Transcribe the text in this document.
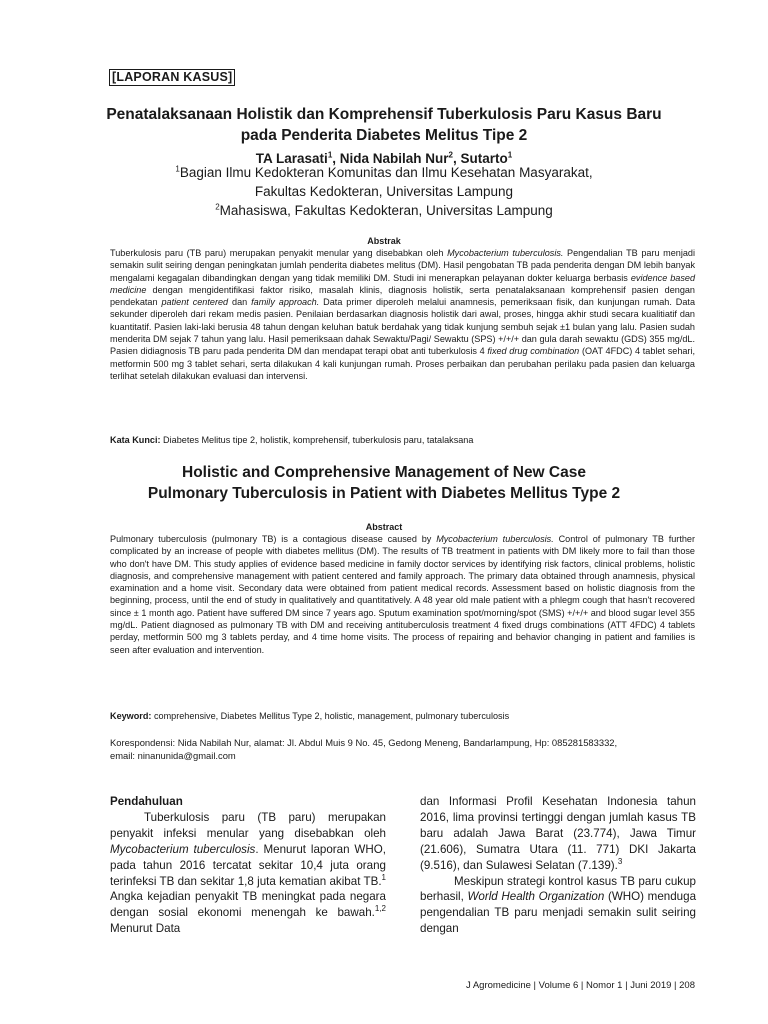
[LAPORAN KASUS]
Penatalaksanaan Holistik dan Komprehensif Tuberkulosis Paru Kasus Baru
pada Penderita Diabetes Melitus Tipe 2
TA Larasati$^1$, Nida Nabilah Nur$^2$, Sutarto$^1$
$^1$Bagian Ilmu Kedokteran Komunitas dan Ilmu Kesehatan Masyarakat,
Fakultas Kedokteran, Universitas Lampung
$^2$Mahasiswa, Fakultas Kedokteran, Universitas Lampung
Abstrak
Tuberkulosis paru (TB paru) merupakan penyakit menular yang disebabkan oleh Mycobacterium tuberculosis. Pengendalian TB paru menjadi semakin sulit seiring dengan peningkatan jumlah penderita diabetes melitus (DM). Hasil pengobatan TB pada penderita dengan DM lebih banyak mengalami kegagalan dibandingkan dengan yang tidak memiliki DM. Studi ini menerapkan pelayanan dokter keluarga berbasis evidence based medicine dengan mengidentifikasi faktor risiko, masalah klinis, diagnosis holistik, serta penatalaksanaan komprehensif pasien dengan pendekatan patient centered dan family approach. Data primer diperoleh melalui anamnesis, pemeriksaan fisik, dan kunjungan rumah. Data sekunder diperoleh dari rekam medis pasien. Penilaian berdasarkan diagnosis holistik dari awal, proses, hingga akhir studi secara kualitiatif dan kuantitatif. Pasien laki-laki berusia 48 tahun dengan keluhan batuk berdahak yang tidak kunjung sembuh sejak ±1 bulan yang lalu. Pasien sudah menderita DM sejak 7 tahun yang lalu. Hasil pemeriksaan dahak Sewaktu/Pagi/ Sewaktu (SPS) +/+/+ dan gula darah sewaktu (GDS) 355 mg/dL. Pasien didiagnosis TB paru pada penderita DM dan mendapat terapi obat anti tuberkulosis 4 fixed drug combination (OAT 4FDC) 4 tablet sehari, metformin 500 mg 3 tablet sehari, serta dilakukan 4 kali kunjungan rumah. Proses perbaikan dan perubahan perilaku pada pasien dan keluarga terlihat setelah dilakukan evaluasi dan intervensi.
Kata Kunci: Diabetes Melitus tipe 2, holistik, komprehensif, tuberkulosis paru, tatalaksana
Holistic and Comprehensive Management of New Case
Pulmonary Tuberculosis in Patient with Diabetes Mellitus Type 2
Abstract
Pulmonary tuberculosis (pulmonary TB) is a contagious disease caused by Mycobacterium tuberculosis. Control of pulmonary TB further complicated by an increase of people with diabetes mellitus (DM). The results of TB treatment in patients with DM likely more to fail than those who don't have DM. This study applies of evidence based medicine in family doctor services by identifying risk factors, clinical problems, holistic diagnosis, and comprehensive management with patient centered and family approach. The primary data obtained through anamnesis, physical examination and a home visit. Secondary data were obtained from patient medical records. Assessment based on holistic diagnosis from the beginning, process, until the end of study in qualitatively and quantitatively. A 48 year old male patient with a phlegm cough that hasn't recovered since ± 1 month ago. Patient have suffered DM since 7 years ago. Sputum examination spot/morning/spot (SMS) +/+/+ and blood sugar level 355 mg/dL. Patient diagnosed as pulmonary TB with DM and receiving antituberculosis treatment 4 fixed drugs combinations (ATT 4FDC) 4 tablets perday, metformin 500 mg 3 tablets perday, and 4 time home visits. The process of repairing and behavior changing in patient and families is seen after evaluation and intervention.
Keyword: comprehensive, Diabetes Mellitus Type 2, holistic, management, pulmonary tuberculosis
Korespondensi: Nida Nabilah Nur, alamat: Jl. Abdul Muis 9 No. 45, Gedong Meneng, Bandarlampung, Hp: 085281583332,
email: ninanunida@gmail.com
Pendahuluan
Tuberkulosis paru (TB paru) merupakan penyakit infeksi menular yang disebabkan oleh Mycobacterium tuberculosis. Menurut laporan WHO, pada tahun 2016 tercatat sekitar 10,4 juta orang terinfeksi TB dan sekitar 1,8 juta kematian akibat TB.$^1$ Angka kejadian penyakit TB meningkat pada negara dengan sosial ekonomi menengah ke bawah.$^{1,2}$ Menurut Data
dan Informasi Profil Kesehatan Indonesia tahun 2016, lima provinsi tertinggi dengan jumlah kasus TB baru adalah Jawa Barat (23.774), Jawa Timur (21.606), Sumatra Utara (11. 771) DKI Jakarta (9.516), dan Sulawesi Selatan (7.139).$^3$
Meskipun strategi kontrol kasus TB paru cukup berhasil, World Health Organization (WHO) menduga pengendalian TB paru menjadi semakin sulit seiring dengan
J Agromedicine | Volume 6 | Nomor 1 | Juni 2019 | 208
